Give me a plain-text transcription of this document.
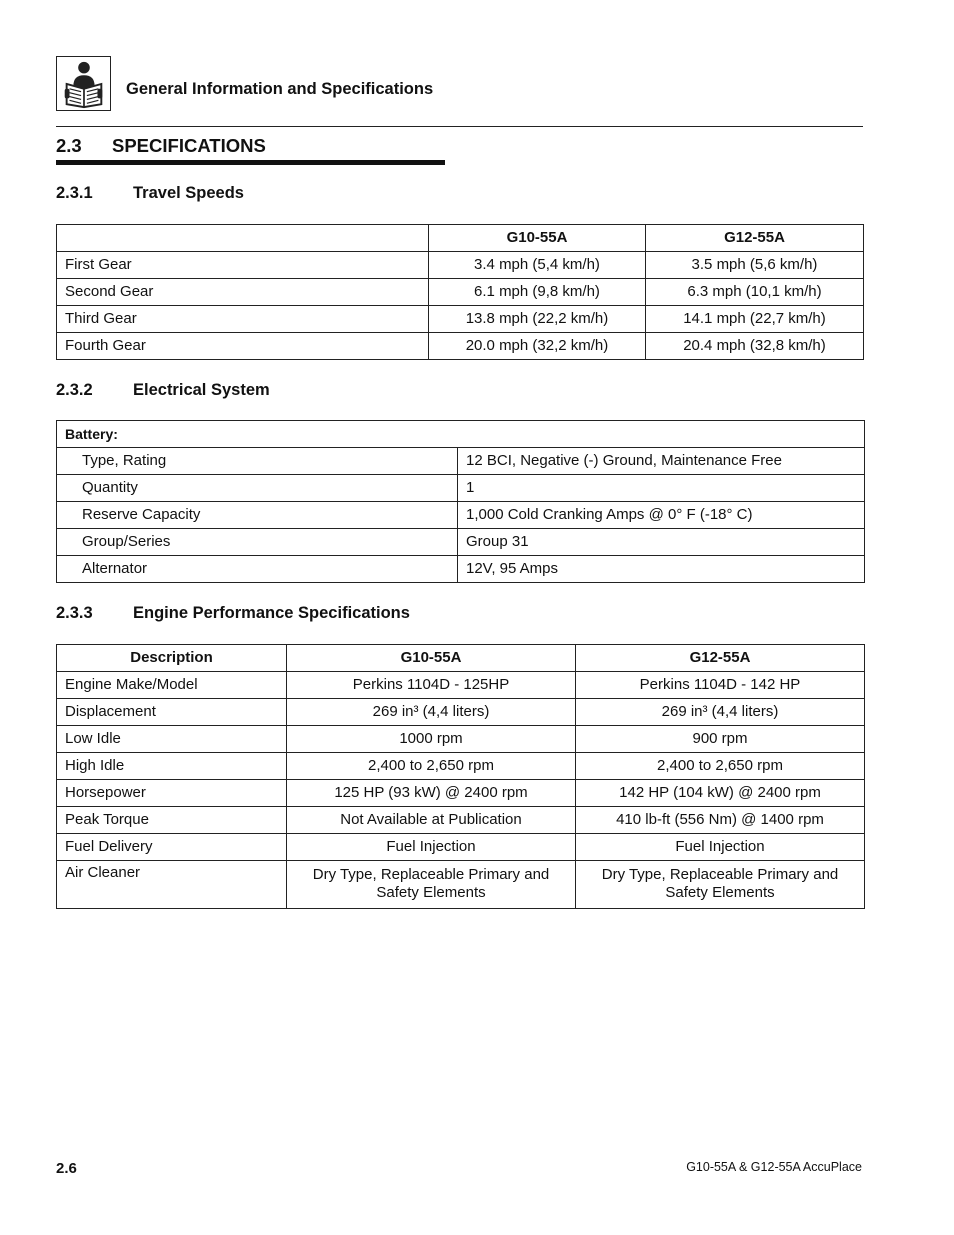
General Information and Specifications
2.3 SPECIFICATIONS
2.3.1 Travel Speeds
	G10-55A	G12-55A
First Gear	3.4 mph (5,4 km/h)	3.5 mph (5,6 km/h)
Second Gear	6.1 mph (9,8 km/h)	6.3 mph (10,1 km/h)
Third Gear	13.8 mph (22,2 km/h)	14.1 mph (22,7 km/h)
Fourth Gear	20.0 mph (32,2 km/h)	20.4 mph (32,8 km/h)
2.3.2 Electrical System
Battery:	
Type, Rating	12 BCI, Negative (-) Ground, Maintenance Free
Quantity	1
Reserve Capacity	1,000 Cold Cranking Amps @ 0° F (-18° C)
Group/Series	Group 31
Alternator	12V, 95 Amps
2.3.3 Engine Performance Specifications
Description	G10-55A	G12-55A
Engine Make/Model	Perkins 1104D - 125HP	Perkins 1104D - 142 HP
Displacement	269 in³ (4,4 liters)	269 in³ (4,4 liters)
Low Idle	1000 rpm	900 rpm
High Idle	2,400 to 2,650 rpm	2,400 to 2,650 rpm
Horsepower	125 HP (93 kW) @ 2400 rpm	142 HP (104 kW) @ 2400 rpm
Peak Torque	Not Available at Publication	410 lb-ft (556 Nm) @ 1400 rpm
Fuel Delivery	Fuel Injection	Fuel Injection
Air Cleaner	Dry Type, Replaceable Primary and Safety Elements	Dry Type, Replaceable Primary and Safety Elements
2.6	G10-55A & G12-55A AccuPlace
